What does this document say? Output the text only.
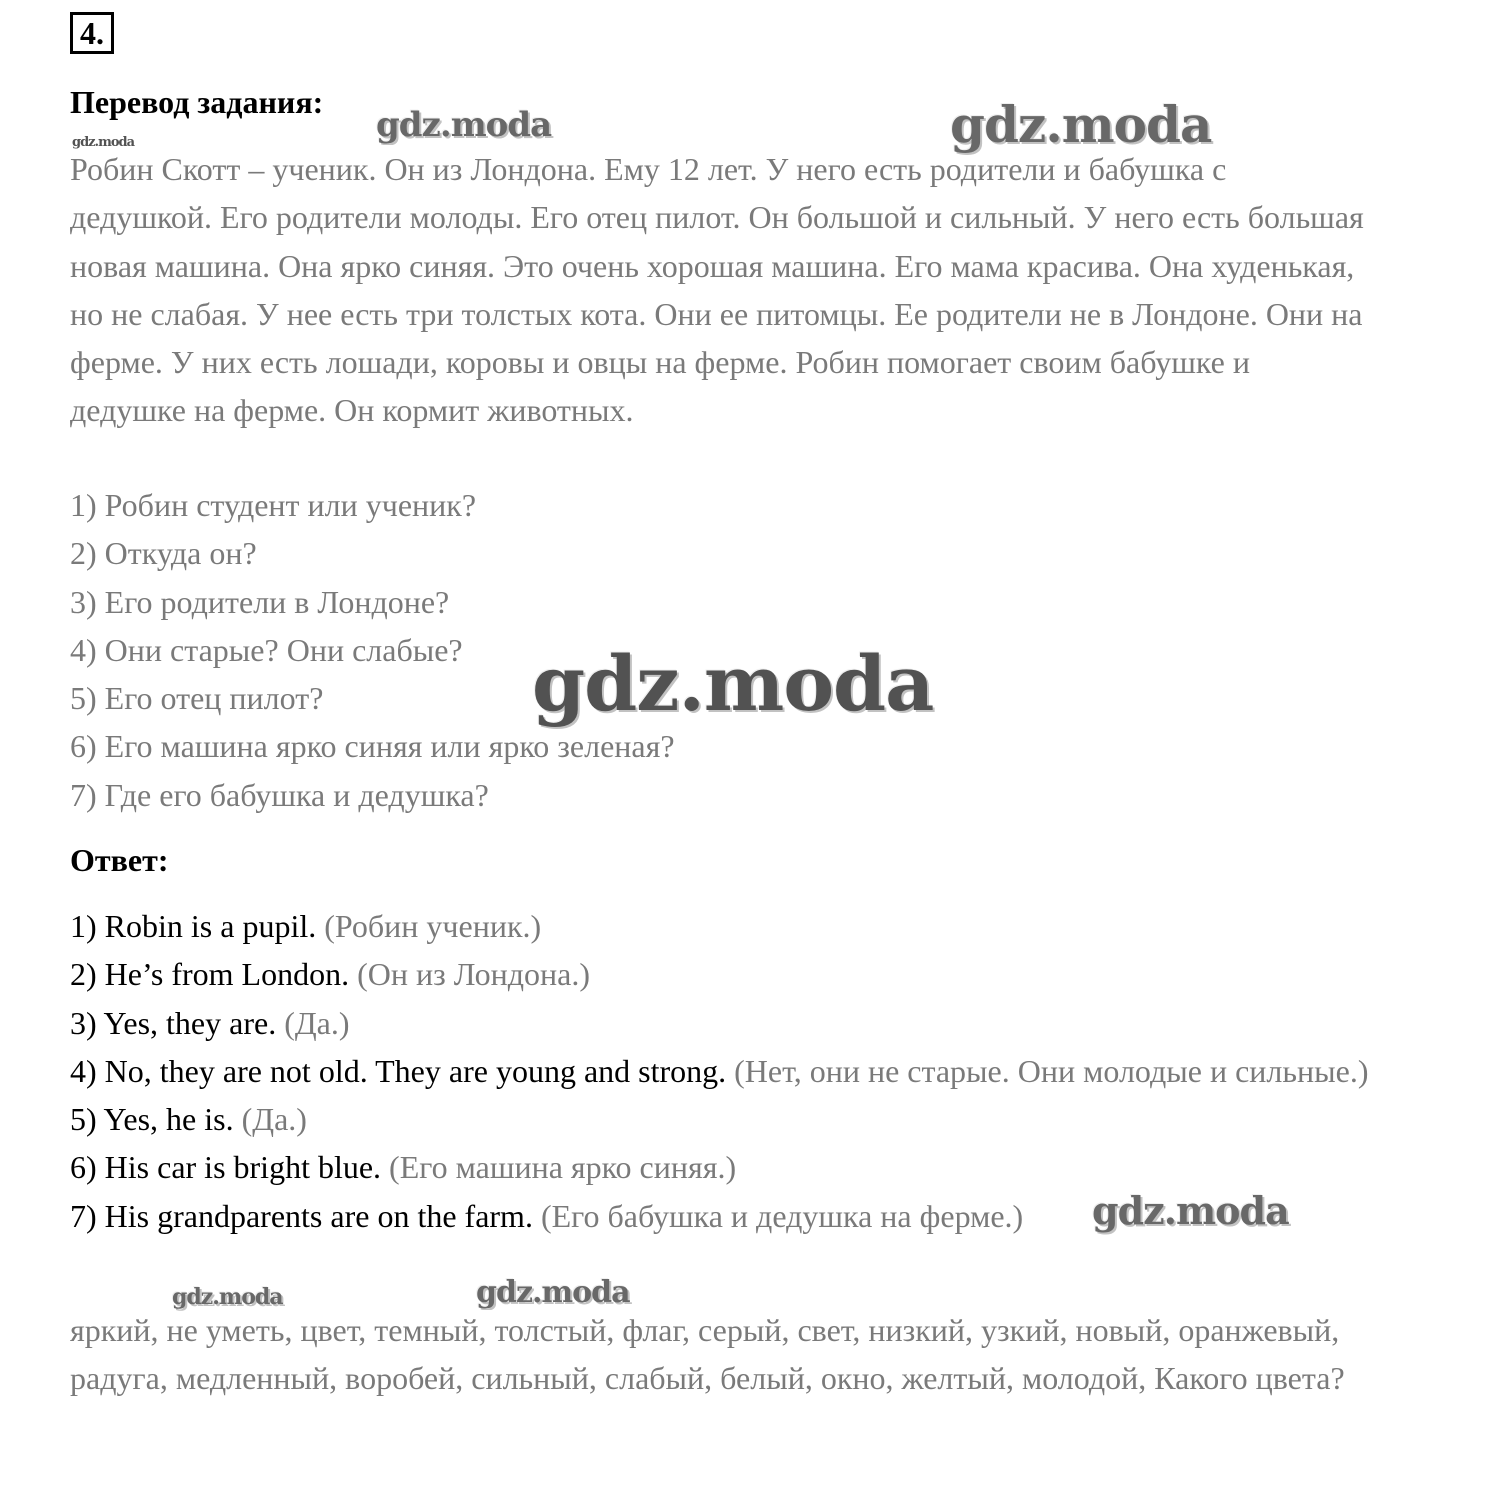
4.
Перевод задания:

Робин Скотт – ученик. Он из Лондона. Ему 12 лет. У него есть родители и бабушка с дедушкой. Его родители молоды. Его отец пилот. Он большой и сильный. У него есть большая новая машина. Она ярко синяя. Это очень хорошая машина. Его мама красива. Она худенькая, но не слабая. У нее есть три толстых кота. Они ее питомцы. Ее родители не в Лондоне. Они на ферме. У них есть лошади, коровы и овцы на ферме. Робин помогает своим бабушке и дедушке на ферме. Он кормит животных.

1) Робин студент или ученик?
2) Откуда он?
3) Его родители в Лондоне?
4) Они старые? Они слабые?
5) Его отец пилот?
6) Его машина ярко синяя или ярко зеленая?
7) Где его бабушка и дедушка?
Ответ:
1) Robin is a pupil. (Робин ученик.)
2) He’s from London. (Он из Лондона.)
3) Yes, they are. (Да.)
4) No, they are not old. They are young and strong. (Нет, они не старые. Они молодые и сильные.)
5) Yes, he is. (Да.)
6) His car is bright blue. (Его машина ярко синяя.)
7) His grandparents are on the farm. (Его бабушка и дедушка на ферме.)

яркий, не уметь, цвет, темный, толстый, флаг, серый, свет, низкий, узкий, новый, оранжевый, радуга, медленный, воробей, сильный, слабый, белый, окно, желтый, молодой, Какого цвета?

gdz.moda	gdz.moda
gdz.moda
gdz.moda
gdz.moda
gdz.moda	gdz.moda
